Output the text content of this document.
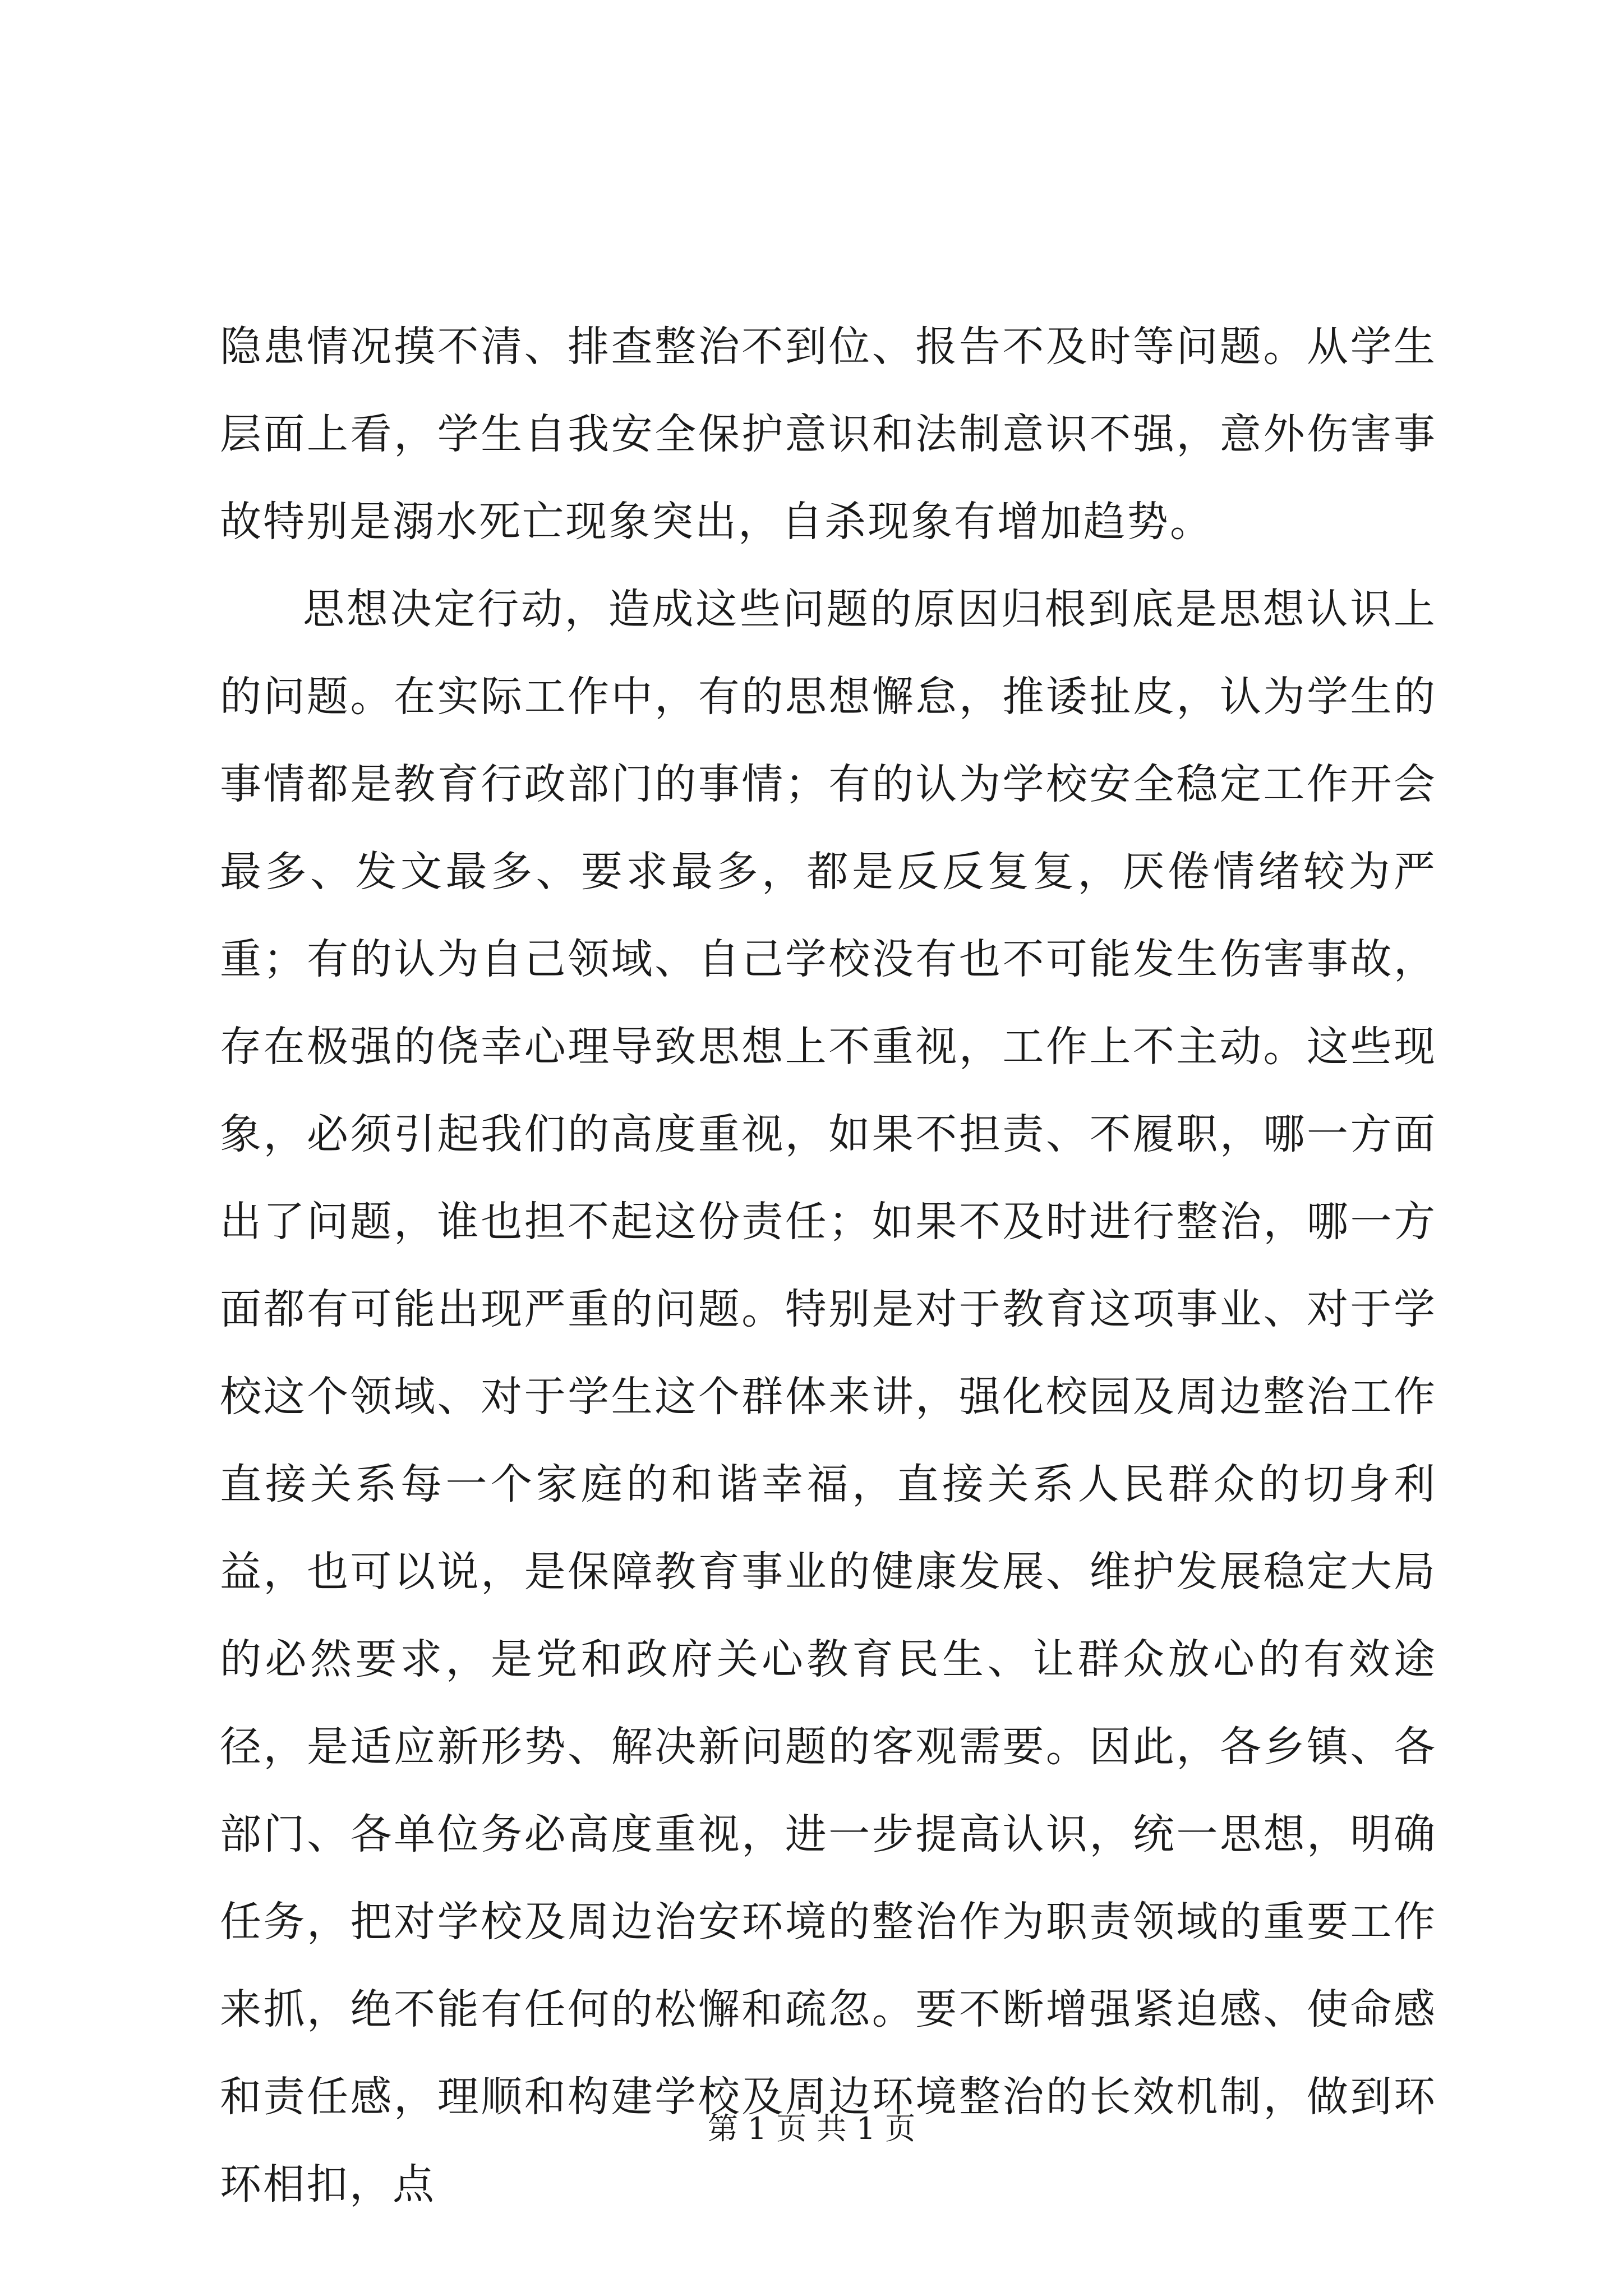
隐患情况摸不清、排查整治不到位、报告不及时等问题。从学生层面上看，学生自我安全保护意识和法制意识不强，意外伤害事故特别是溺水死亡现象突出，自杀现象有增加趋势。

思想决定行动，造成这些问题的原因归根到底是思想认识上的问题。在实际工作中，有的思想懈怠，推诿扯皮，认为学生的事情都是教育行政部门的事情；有的认为学校安全稳定工作开会最多、发文最多、要求最多，都是反反复复，厌倦情绪较为严重；有的认为自己领域、自己学校没有也不可能发生伤害事故，存在极强的侥幸心理导致思想上不重视，工作上不主动。这些现象，必须引起我们的高度重视，如果不担责、不履职，哪一方面出了问题，谁也担不起这份责任；如果不及时进行整治，哪一方面都有可能出现严重的问题。特别是对于教育这项事业、对于学校这个领域、对于学生这个群体来讲，强化校园及周边整治工作直接关系每一个家庭的和谐幸福，直接关系人民群众的切身利益，也可以说，是保障教育事业的健康发展、维护发展稳定大局的必然要求，是党和政府关心教育民生、让群众放心的有效途径，是适应新形势、解决新问题的客观需要。因此，各乡镇、各部门、各单位务必高度重视，进一步提高认识，统一思想，明确任务，把对学校及周边治安环境的整治作为职责领域的重要工作来抓，绝不能有任何的松懈和疏忽。要不断增强紧迫感、使命感和责任感，理顺和构建学校及周边环境整治的长效机制，做到环环相扣，点

第 1 页 共 1 页
